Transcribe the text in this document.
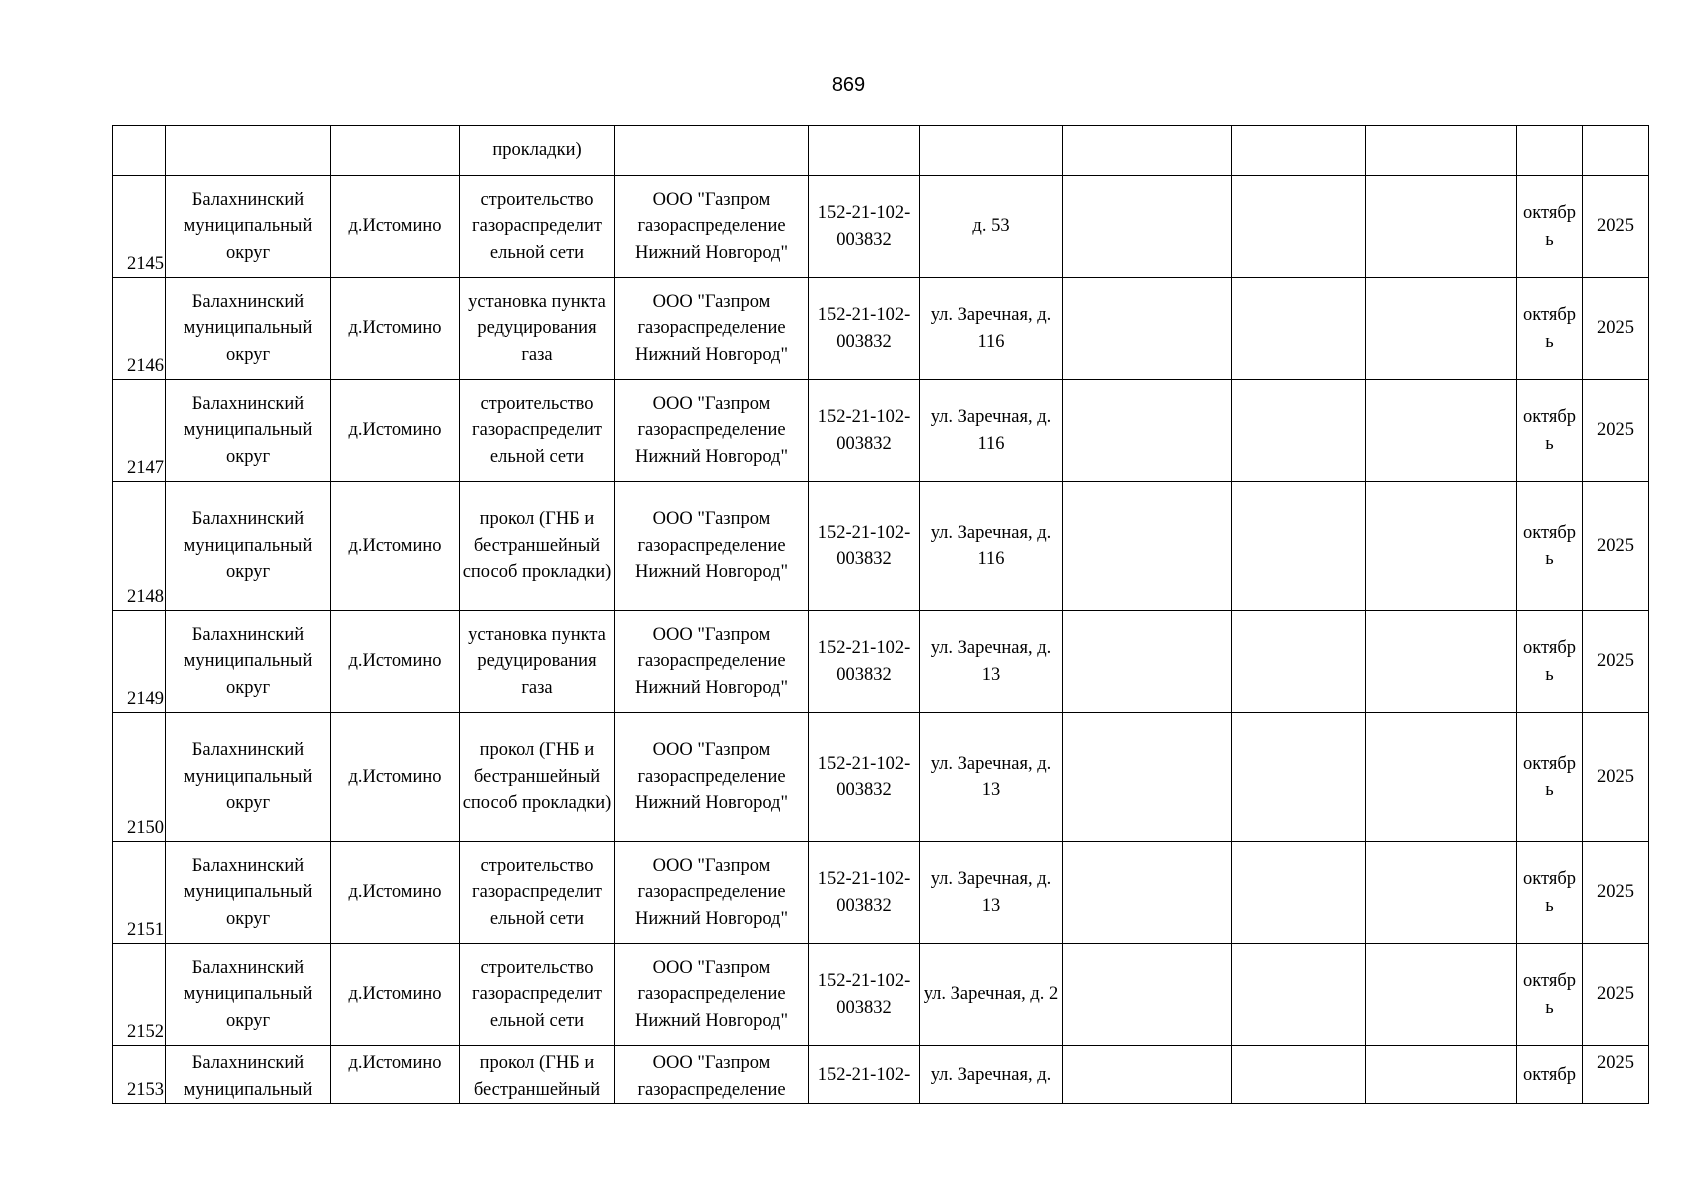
869
			прокладки)								
2145	Балахнинский муниципальный округ	д.Истомино	строительство газораспределит ельной сети	ООО "Газпром газораспределение Нижний Новгород"	152-21-102-003832	д. 53				октябр ь	2025
2146	Балахнинский муниципальный округ	д.Истомино	установка пункта редуцирования газа	ООО "Газпром газораспределение Нижний Новгород"	152-21-102-003832	ул. Заречная, д. 116				октябр ь	2025
2147	Балахнинский муниципальный округ	д.Истомино	строительство газораспределит ельной сети	ООО "Газпром газораспределение Нижний Новгород"	152-21-102-003832	ул. Заречная, д. 116				октябр ь	2025
2148	Балахнинский муниципальный округ	д.Истомино	прокол (ГНБ и бестраншейный способ прокладки)	ООО "Газпром газораспределение Нижний Новгород"	152-21-102-003832	ул. Заречная, д. 116				октябр ь	2025
2149	Балахнинский муниципальный округ	д.Истомино	установка пункта редуцирования газа	ООО "Газпром газораспределение Нижний Новгород"	152-21-102-003832	ул. Заречная, д. 13				октябр ь	2025
2150	Балахнинский муниципальный округ	д.Истомино	прокол (ГНБ и бестраншейный способ прокладки)	ООО "Газпром газораспределение Нижний Новгород"	152-21-102-003832	ул. Заречная, д. 13				октябр ь	2025
2151	Балахнинский муниципальный округ	д.Истомино	строительство газораспределит ельной сети	ООО "Газпром газораспределение Нижний Новгород"	152-21-102-003832	ул. Заречная, д. 13				октябр ь	2025
2152	Балахнинский муниципальный округ	д.Истомино	строительство газораспределит ельной сети	ООО "Газпром газораспределение Нижний Новгород"	152-21-102-003832	ул. Заречная, д. 2				октябр ь	2025
2153	Балахнинский муниципальный	д.Истомино	прокол (ГНБ и бестраншейный	ООО "Газпром газораспределение	152-21-102-	ул. Заречная, д.				октябр	2025
